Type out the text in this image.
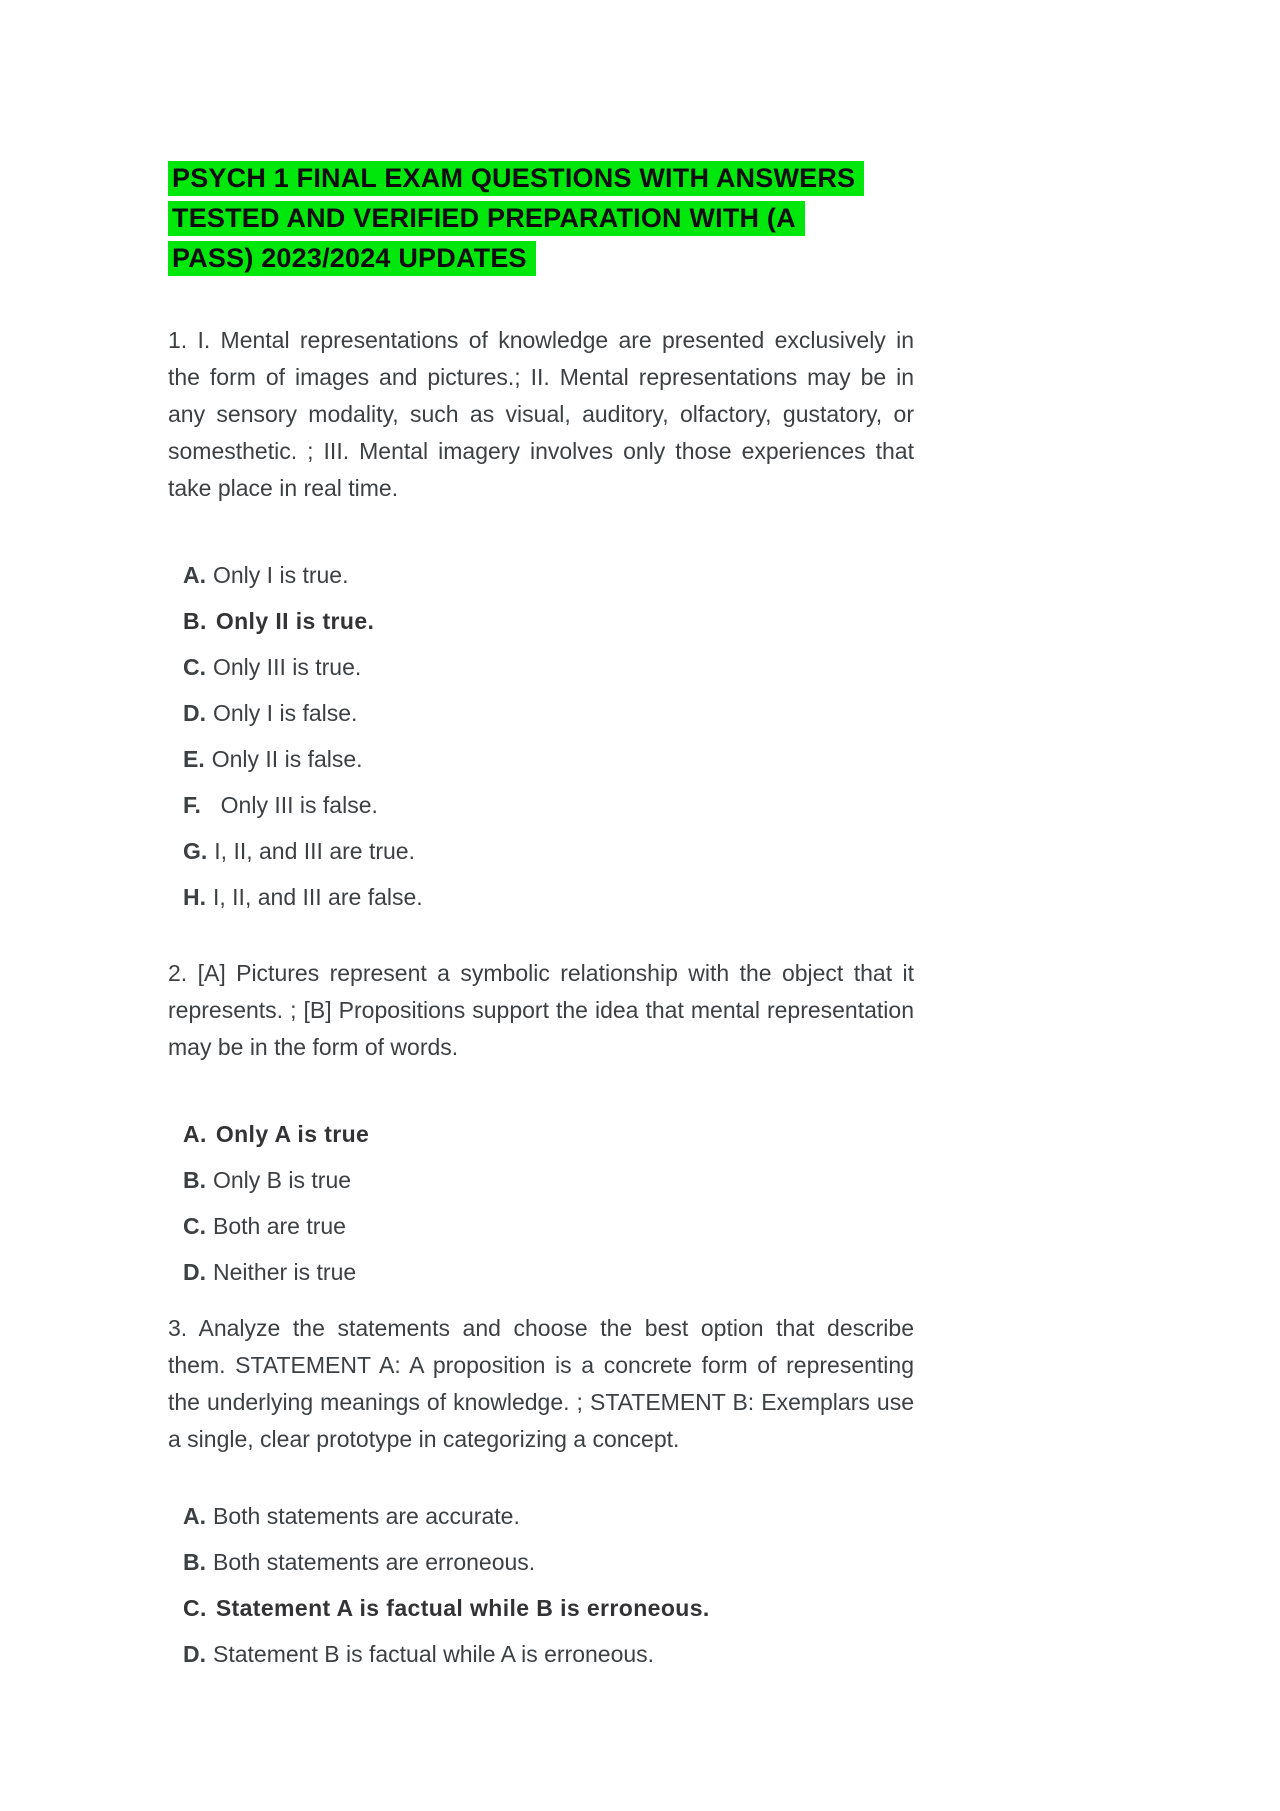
PSYCH 1 FINAL EXAM QUESTIONS WITH ANSWERS
TESTED AND VERIFIED PREPARATION WITH (A
PASS) 2023/2024 UPDATES

1. I. Mental representations of knowledge are presented exclusively in the form of images and pictures.; II. Mental representations may be in any sensory modality, such as visual, auditory, olfactory, gustatory, or somesthetic. ; III. Mental imagery involves only those experiences that take place in real time.

A. Only I is true.
B. Only II is true.
C. Only III is true.
D. Only I is false.
E. Only II is false.
F.  Only III is false.
G. I, II, and III are true.
H. I, II, and III are false.

2. [A] Pictures represent a symbolic relationship with the object that it represents. ; [B] Propositions support the idea that mental representation may be in the form of words.

A. Only A is true
B. Only B is true
C. Both are true
D. Neither is true

3. Analyze the statements and choose the best option that describe them. STATEMENT A: A proposition is a concrete form of representing the underlying meanings of knowledge. ; STATEMENT B: Exemplars use a single, clear prototype in categorizing a concept.

A. Both statements are accurate.
B. Both statements are erroneous.
C. Statement A is factual while B is erroneous.
D. Statement B is factual while A is erroneous.
